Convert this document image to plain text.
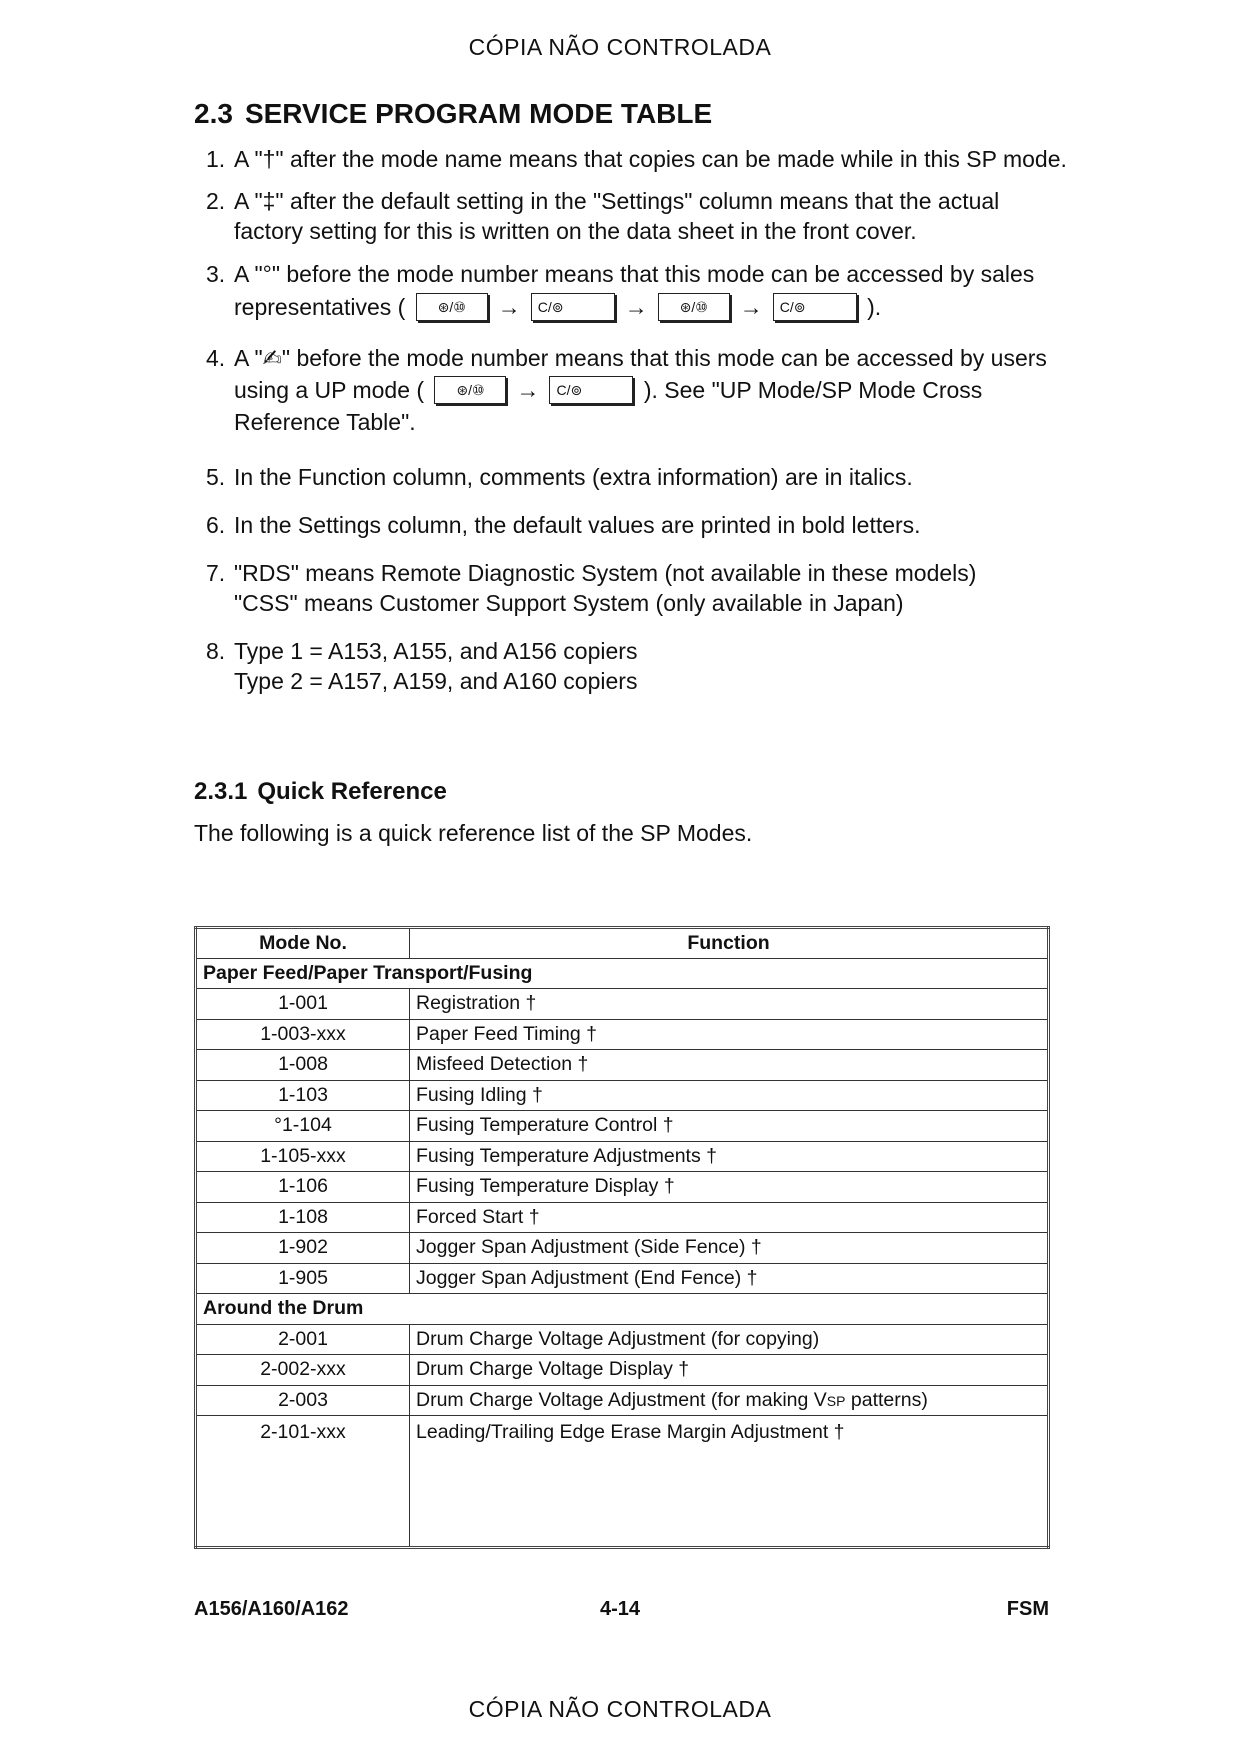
CÓPIA NÃO CONTROLADA
2.3 SERVICE PROGRAM MODE TABLE
1. A "†" after the mode name means that copies can be made while in this SP mode.
2. A "‡" after the default setting in the "Settings" column means that the actual factory setting for this is written on the data sheet in the front cover.
3. A "°" before the mode number means that this mode can be accessed by sales representatives ( ⊛/⑩ → C/⊚	→ ⊛/⑩ → C/⊚	).
4. A "✍" before the mode number means that this mode can be accessed by users using a UP mode ( ⊛/⑩ → C/⊚	). See "UP Mode/SP Mode Cross Reference Table".
5. In the Function column, comments (extra information) are in italics.
6. In the Settings column, the default values are printed in bold letters.
7. "RDS" means Remote Diagnostic System (not available in these models)
"CSS" means Customer Support System (only available in Japan)
8. Type 1 = A153, A155, and A156 copiers
Type 2 = A157, A159, and A160 copiers
2.3.1 Quick Reference
The following is a quick reference list of the SP Modes.
Mode No.	Function
Paper Feed/Paper Transport/Fusing	
1-001	Registration †
1-003-xxx	Paper Feed Timing †
1-008	Misfeed Detection †
1-103	Fusing Idling †
°1-104	Fusing Temperature Control †
1-105-xxx	Fusing Temperature Adjustments †
1-106	Fusing Temperature Display †
1-108	Forced Start †
1-902	Jogger Span Adjustment (Side Fence) †
1-905	Jogger Span Adjustment (End Fence) †
Around the Drum	
2-001	Drum Charge Voltage Adjustment (for copying)
2-002-xxx	Drum Charge Voltage Display †
2-003	Drum Charge Voltage Adjustment (for making VSP patterns)
2-101-xxx	Leading/Trailing Edge Erase Margin Adjustment †
A156/A160/A162	4-14	FSM
CÓPIA NÃO CONTROLADA
